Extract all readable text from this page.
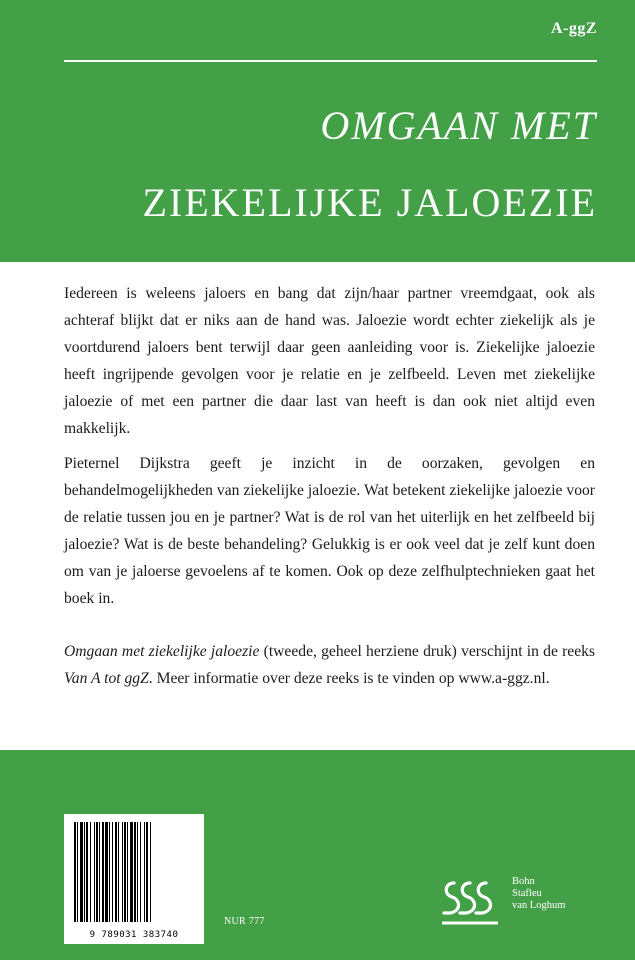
A-ggZ
OMGAAN MET
ZIEKELIJKE JALOEZIE

Iedereen is weleens jaloers en bang dat zijn/haar partner vreemdgaat, ook als achteraf blijkt dat er niks aan de hand was. Jaloezie wordt echter ziekelijk als je voortdurend jaloers bent terwijl daar geen aanleiding voor is. Ziekelijke jaloezie heeft ingrijpende gevolgen voor je relatie en je zelfbeeld. Leven met ziekelijke jaloezie of met een partner die daar last van heeft is dan ook niet altijd even makkelijk.

Pieternel Dijkstra geeft je inzicht in de oorzaken, gevolgen en behandelmogelijkheden van ziekelijke jaloezie. Wat betekent ziekelijke jaloezie voor de relatie tussen jou en je partner? Wat is de rol van het uiterlijk en het zelfbeeld bij jaloezie? Wat is de beste behandeling? Gelukkig is er ook veel dat je zelf kunt doen om van je jaloerse gevoelens af te komen. Ook op deze zelfhulptechnieken gaat het boek in.

Omgaan met ziekelijke jaloezie (tweede, geheel herziene druk) verschijnt in de reeks Van A tot ggZ. Meer informatie over deze reeks is te vinden op www.a-ggz.nl.

9 789031 383740
NUR 777
Bohn
Stafleu
van Loghum
